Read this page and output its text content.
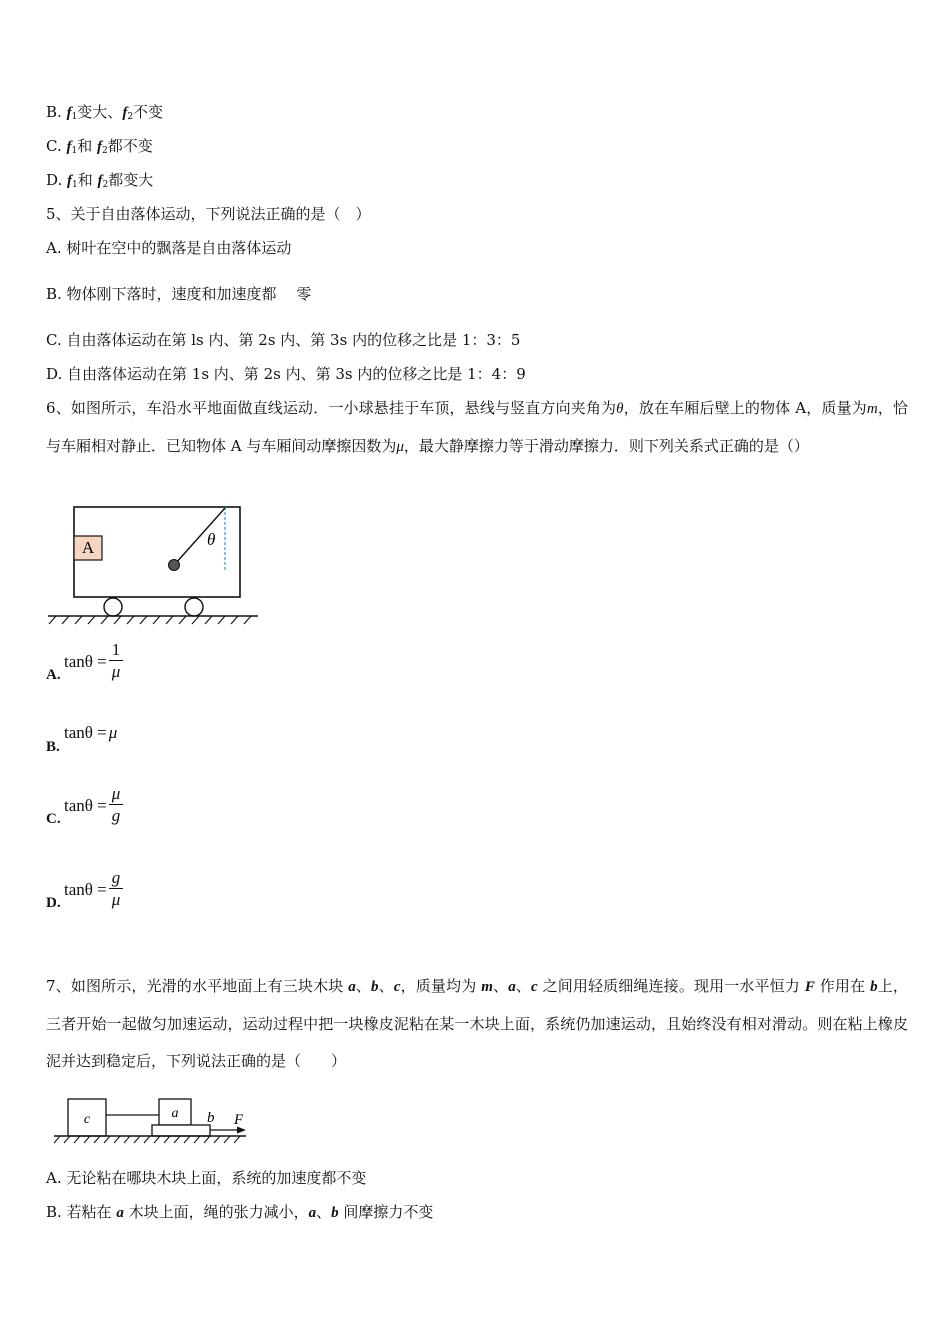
B. $f_1$变大、$f_2$不变
C. $f_1$和 $f_2$都不变
D. $f_1$和 $f_2$都变大
5、关于自由落体运动，下列说法正确的是（　）
A. 树叶在空中的飘落是自由落体运动
B. 物体刚下落时，速度和加速度都　 零
C. 自由落体运动在第 ls 内、第 2s 内、第 3s 内的位移之比是 1：3：5
D. 自由落体运动在第 1s 内、第 2s 内、第 3s 内的位移之比是 1：4：9
6、如图所示，车沿水平地面做直线运动．一小球悬挂于车顶，悬线与竖直方向夹角为θ，放在车厢后壁上的物体 A，质量为m，恰与车厢相对静止．已知物体 A 与车厢间动摩擦因数为μ，最大静摩擦力等于滑动摩擦力．则下列关系式正确的是（）
A	θ
A.
$\tan\theta = \frac{1}{\mu}$
B.
tanθ = μ
C.
$\tan\theta = \frac{\mu}{g}$
D.
$\tan\theta = \frac{g}{\mu}$
7、如图所示，光滑的水平地面上有三块木块 a、b、c，质量均为 m、a、c 之间用轻质细绳连接。现用一水平恒力 F 作用在 b上，三者开始一起做匀加速运动，运动过程中把一块橡皮泥粘在某一木块上面，系统仍加速运动，且始终没有相对滑动。则在粘上橡皮泥并达到稳定后，下列说法正确的是（　　）
c	a b F
A. 无论粘在哪块木块上面，系统的加速度都不变
B. 若粘在 a 木块上面，绳的张力减小，a、b 间摩擦力不变
